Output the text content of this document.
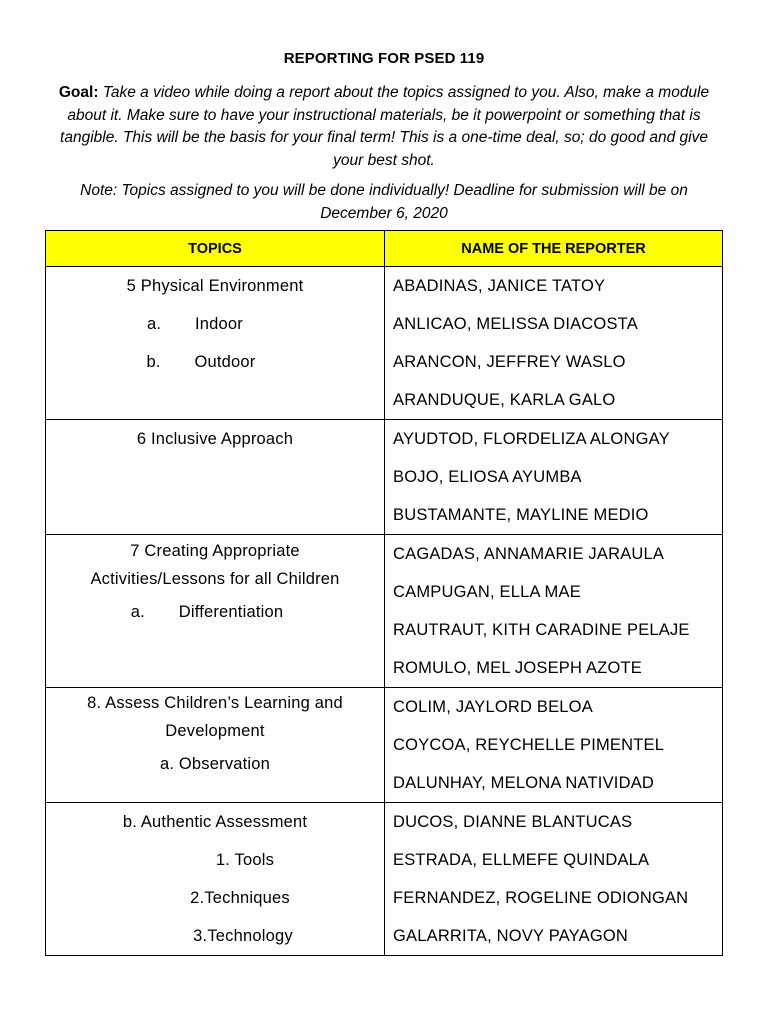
REPORTING FOR PSED 119
Goal: Take a video while doing a report about the topics assigned to you. Also, make a module about it. Make sure to have your instructional materials, be it powerpoint or something that is tangible. This will be the basis for your final term! This is a one-time deal, so; do good and give your best shot.
Note: Topics assigned to you will be done individually! Deadline for submission will be on December 6, 2020
TOPICS	NAME OF THE REPORTER

5 Physical Environment
a. Indoor
b. Outdoor	ABADINAS, JANICE TATOY
ANLICAO, MELISSA DIACOSTA
ARANCON, JEFFREY WASLO
ARANDUQUE, KARLA GALO

6 Inclusive Approach	AYUDTOD, FLORDELIZA ALONGAY
BOJO, ELIOSA AYUMBA
BUSTAMANTE, MAYLINE MEDIO

7 Creating Appropriate
Activities/Lessons for all Children
a. Differentiation	CAGADAS, ANNAMARIE JARAULA
CAMPUGAN, ELLA MAE
RAUTRAUT, KITH CARADINE PELAJE
ROMULO, MEL JOSEPH AZOTE

8. Assess Children’s Learning and
Development
a. Observation	COLIM, JAYLORD BELOA
COYCOA, REYCHELLE PIMENTEL
DALUNHAY, MELONA NATIVIDAD

b. Authentic Assessment
1. Tools
2.Techniques
3.Technology	DUCOS, DIANNE BLANTUCAS
ESTRADA, ELLMEFE QUINDALA
FERNANDEZ, ROGELINE ODIONGAN
GALARRITA, NOVY PAYAGON
